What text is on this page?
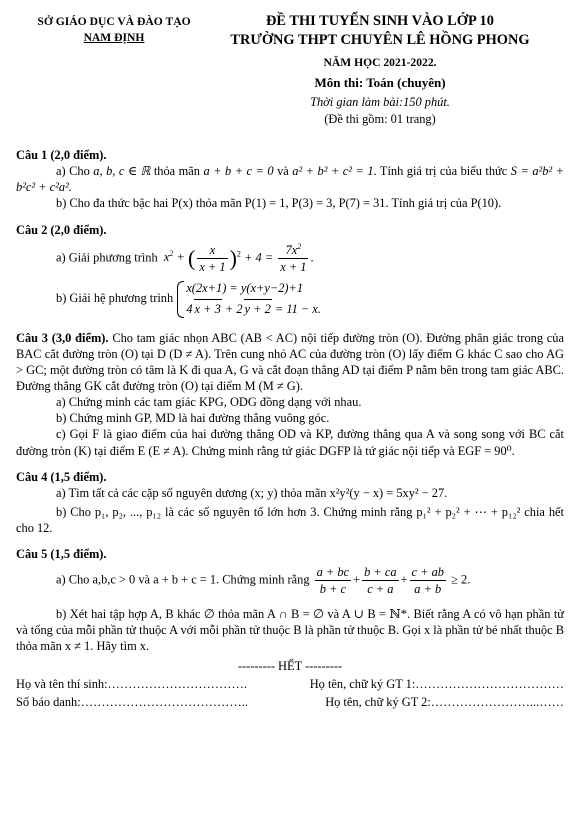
SỞ GIÁO DỤC VÀ ĐÀO TẠO
NAM ĐỊNH
ĐỀ THI TUYỂN SINH VÀO LỚP 10
TRƯỜNG THPT CHUYÊN LÊ HỒNG PHONG
NĂM HỌC 2021-2022.
Môn thi: Toán (chuyên)
Thời gian làm bài:150 phút.
(Đề thi gồm: 01 trang)

Câu 1 (2,0 điểm).

a) Cho a, b, c ∈ ℝ thỏa mãn a + b + c = 0 và a² + b² + c² = 1. Tính giá trị của biểu thức S = a²b² + b²c² + c²a².

b) Cho đa thức bậc hai P(x) thỏa mãn P(1) = 1, P(3) = 3, P(7) = 31. Tính giá trị của P(10).

Câu 2 (2,0 điểm).

a) Giải phương trình  $x^2$ + ( $\frac{x}{x + 1} )^2 + 4 = \frac{7x^2}{x + 1}$ .

b) Giải hệ phương trình
x(2x+1) = y(x+y−2)+1
4 x + 3 + 2 y + 2 = 11 − x.

Câu 3 (3,0 điểm). Cho tam giác nhọn ABC (AB < AC) nội tiếp đường tròn (O). Đường phân giác trong của BAC cắt đường tròn (O) tại D (D ≠ A). Trên cung nhỏ AC của đường tròn (O) lấy điểm G khác C sao cho AG > GC; một đường tròn có tâm là K đi qua A, G và cắt đoạn thẳng AD tại điểm P nằm bên trong tam giác ABC. Đường thẳng GK cắt đường tròn (O) tại điểm M (M ≠ G).

a) Chứng minh các tam giác KPG, ODG đồng dạng với nhau.

b) Chứng minh GP, MD là hai đường thẳng vuông góc.

c) Gọi F là giao điểm của hai đường thẳng OD và KP, đường thẳng qua A và song song với BC cắt đường tròn (K) tại điểm E (E ≠ A). Chứng minh rằng tứ giác DGFP là tứ giác nội tiếp và EGF = 90⁰.

Câu 4 (1,5 điểm).

a) Tìm tất cả các cặp số nguyên dương (x; y) thỏa mãn x²y²(y − x) = 5xy² − 27.

b) Cho p₁, p₂, ..., p₁₂ là các số nguyên tố lớn hơn 3. Chứng minh rằng p₁² + p₂² + ⋯ + p₁₂² chia hết cho 12.

Câu 5 (1,5 điểm).

a) Cho a,b,c > 0 và a + b + c = 1. Chứng minh rằng $\frac{a + bc}{b + c} + \frac{b + ca}{c + a} + \frac{c + ab}{a + b} \ge 2$.

b) Xét hai tập hợp A, B khác ∅ thỏa mãn A ∩ B = ∅ và A ∪ B = ℕ*. Biết rằng A có vô hạn phần tử và tổng của mỗi phần tử thuộc A với mỗi phần tử thuộc B là phần tử thuộc B. Gọi x là phần tử bé nhất thuộc B thỏa mãn x ≠ 1. Hãy tìm x.

--------- HẾT ---------

Họ và tên thí sinh:…………………………….	Họ tên, chữ ký GT 1:………………………………
Số báo danh:…………………………………..	Họ tên, chữ ký GT 2:……………………...……
